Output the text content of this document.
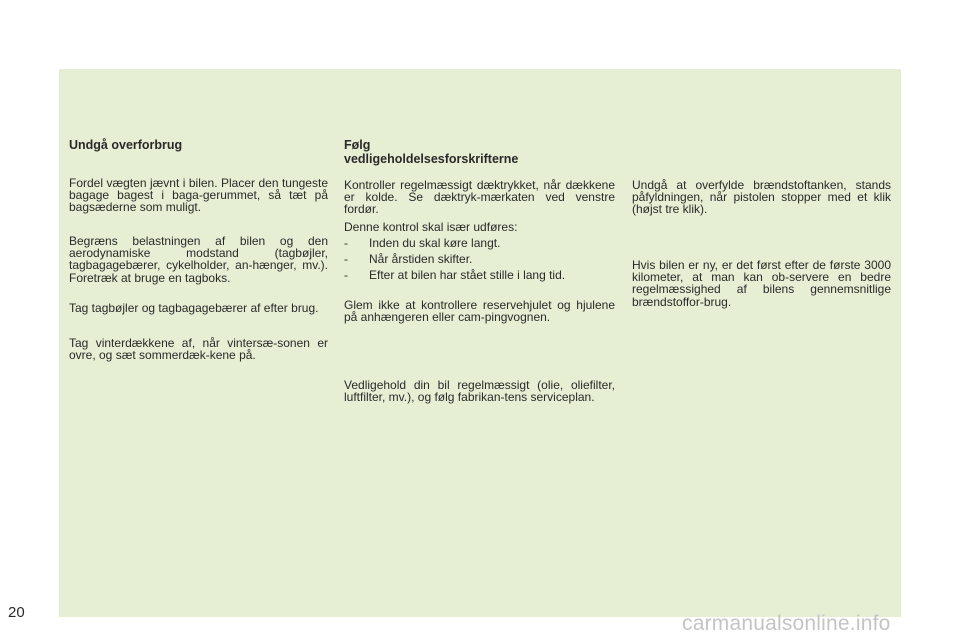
Undgå overforbrug

Fordel vægten jævnt i bilen. Placer den tungeste bagage bagest i baga-gerummet, så tæt på bagsæderne som muligt.

Begræns belastningen af bilen og den aerodynamiske modstand (tagbøjler, tagbagagebærer, cykelholder, an-hænger, mv.). Foretræk at bruge en tagboks.

Tag tagbøjler og tagbagagebærer af efter brug.

Tag vinterdækkene af, når vintersæ-sonen er ovre, og sæt sommerdæk-kene på.

Følg
vedligeholdelsesforskrifterne

Kontroller regelmæssigt dæktrykket, når dækkene er kolde. Se dæktryk-mærkaten ved venstre fordør.

Denne kontrol skal især udføres:

- Inden du skal køre langt.
- Når årstiden skifter.
- Efter at bilen har stået stille i lang tid.

Glem ikke at kontrollere reservehjulet og hjulene på anhængeren eller cam-pingvognen.

Vedligehold din bil regelmæssigt (olie, oliefilter, luftfilter, mv.), og følg fabrikan-tens serviceplan.

Undgå at overfylde brændstoftanken, stands påfyldningen, når pistolen stopper med et klik (højst tre klik).

Hvis bilen er ny, er det først efter de første 3000 kilometer, at man kan ob-servere en bedre regelmæssighed af bilens gennemsnitlige brændstoffor-brug.

20	carmanualsonline.info
